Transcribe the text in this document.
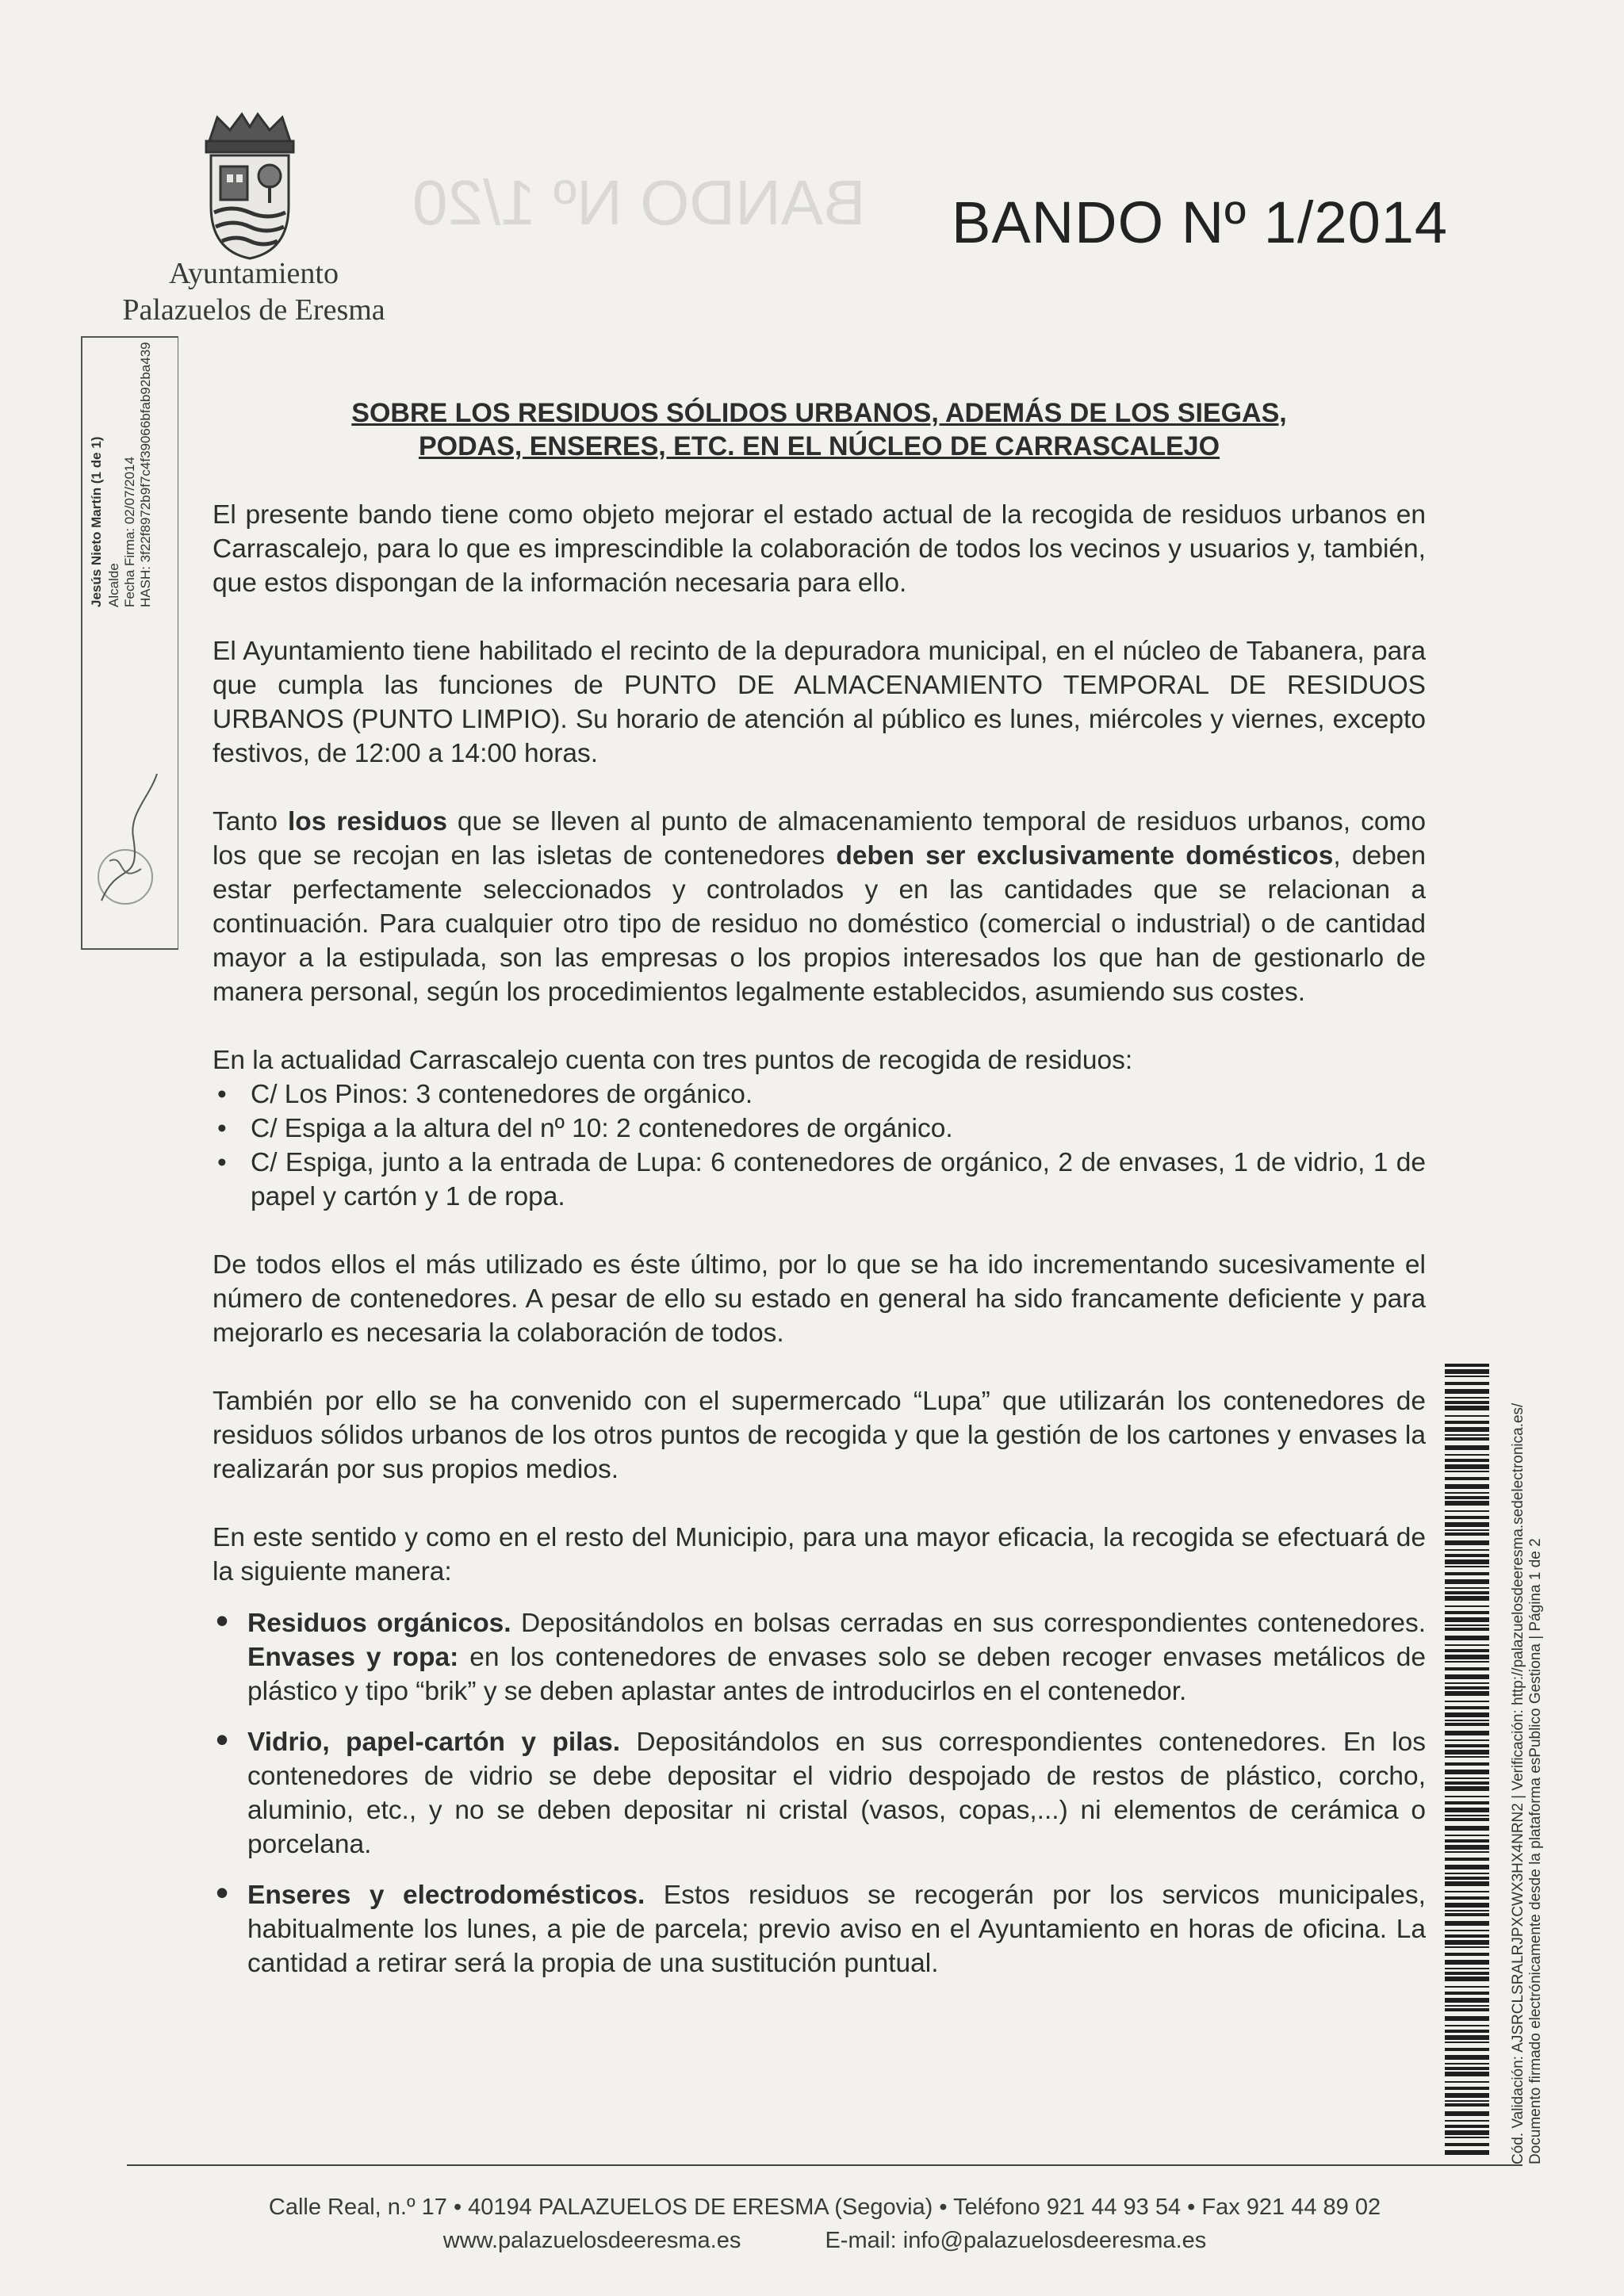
BANDO Nº 1/20
Ayuntamiento
Palazuelos de Eresma
BANDO Nº 1/2014
Jesús Nieto Martín (1 de 1) Alcalde Fecha Firma: 02/07/2014 HASH: 3f22f8972b9f7c4f39066bfab92ba439	SOBRE LOS RESIDUOS SÓLIDOS URBANOS, ADEMÁS DE LOS SIEGAS,
PODAS, ENSERES, ETC. EN EL NÚCLEO DE CARRASCALEJO

El presente bando tiene como objeto mejorar el estado actual de la recogida de residuos urbanos en Carrascalejo, para lo que es imprescindible la colaboración de todos los vecinos y usuarios y, también, que estos dispongan de la información necesaria para ello.

El Ayuntamiento tiene habilitado el recinto de la depuradora municipal, en el núcleo de Tabanera, para que cumpla las funciones de PUNTO DE ALMACENAMIENTO TEMPORAL DE RESIDUOS URBANOS (PUNTO LIMPIO). Su horario de atención al público es lunes, miércoles y viernes, excepto festivos, de 12:00 a 14:00 horas.

Tanto los residuos que se lleven al punto de almacenamiento temporal de residuos urbanos, como los que se recojan en las isletas de contenedores deben ser exclusivamente domésticos, deben estar perfectamente seleccionados y controlados y en las cantidades que se relacionan a continuación. Para cualquier otro tipo de residuo no doméstico (comercial o industrial) o de cantidad mayor a la estipulada, son las empresas o los propios interesados los que han de gestionarlo de manera personal, según los procedimientos legalmente establecidos, asumiendo sus costes.

En la actualidad Carrascalejo cuenta con tres puntos de recogida de residuos:

• C/ Los Pinos: 3 contenedores de orgánico.
• C/ Espiga a la altura del nº 10: 2 contenedores de orgánico.
• C/ Espiga, junto a la entrada de Lupa: 6 contenedores de orgánico, 2 de envases, 1 de vidrio, 1 de papel y cartón y 1 de ropa.

De todos ellos el más utilizado es éste último, por lo que se ha ido incrementando sucesivamente el número de contenedores. A pesar de ello su estado en general ha sido francamente deficiente y para mejorarlo es necesaria la colaboración de todos.

También por ello se ha convenido con el supermercado “Lupa” que utilizarán los contenedores de residuos sólidos urbanos de los otros puntos de recogida y que la gestión de los cartones y envases la realizarán por sus propios medios.

En este sentido y como en el resto del Municipio, para una mayor eficacia, la recogida se efectuará de la siguiente manera:

• Residuos orgánicos. Depositándolos en bolsas cerradas en sus correspondientes contenedores. Envases y ropa: en los contenedores de envases solo se deben recoger envases metálicos de plástico y tipo “brik” y se deben aplastar antes de introducirlos en el contenedor.
• Vidrio, papel-cartón y pilas. Depositándolos en sus correspondientes contenedores. En los contenedores de vidrio se debe depositar el vidrio despojado de restos de plástico, corcho, aluminio, etc., y no se deben depositar ni cristal (vasos, copas,...) ni elementos de cerámica o porcelana.
• Enseres y electrodomésticos. Estos residuos se recogerán por los servicos municipales, habitualmente los lunes, a pie de parcela; previo aviso en el Ayuntamiento en horas de oficina. La cantidad a retirar será la propia de una sustitución puntual.	Cód. Validación: AJSRCLSRALRJPXCWX3HX4NRN2 | Verificación: http://palazuelosdeeresma.sedelectronica.es/ Documento firmado electrónicamente desde la plataforma esPublico Gestiona | Página 1 de 2
Calle Real, n.º 17 • 40194 PALAZUELOS DE ERESMA (Segovia) • Teléfono 921 44 93 54 • Fax 921 44 89 02
www.palazuelosdeeresma.es	E-mail: info@palazuelosdeeresma.es
